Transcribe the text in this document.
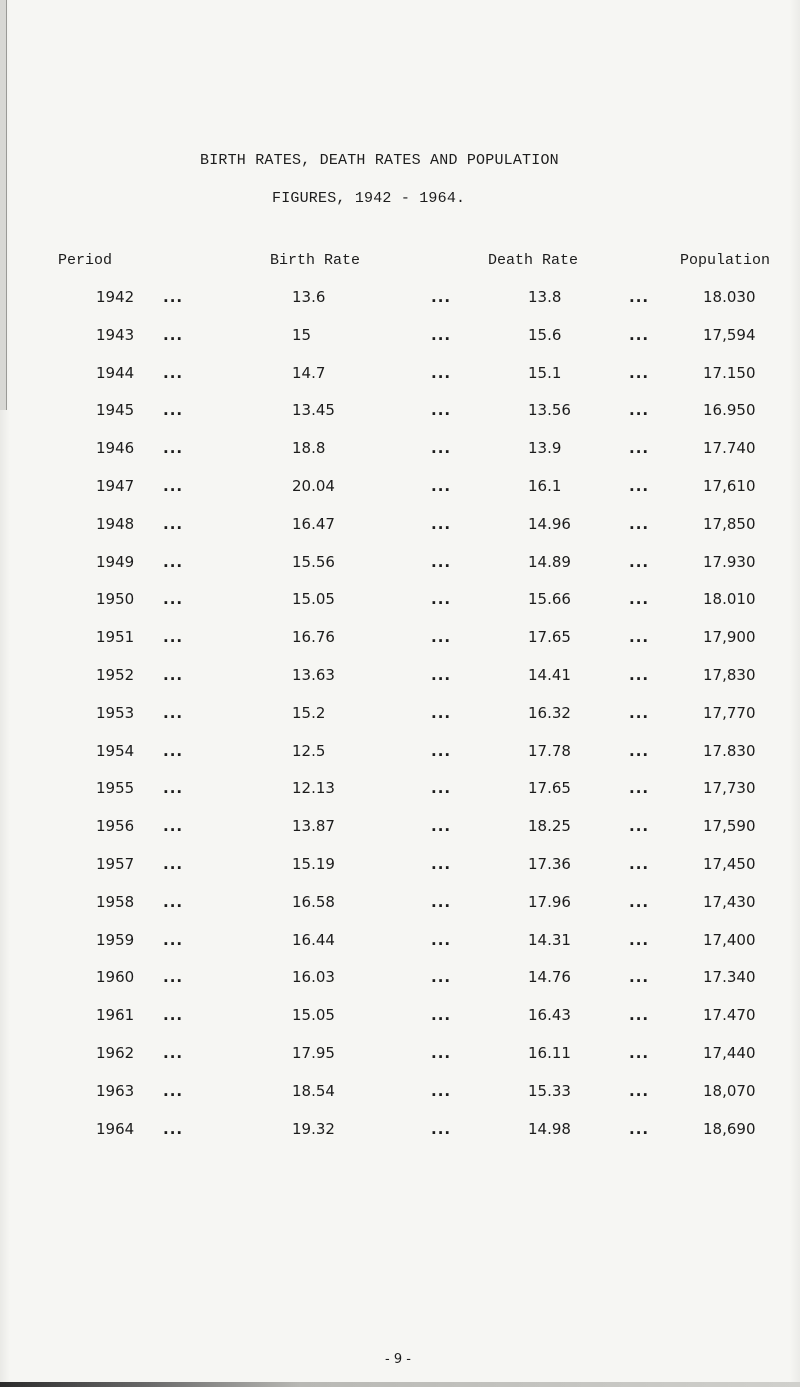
BIRTH RATES, DEATH RATES AND POPULATION
FIGURES, 1942 - 1964.
Period	Birth Rate	Death Rate	Population
1942 ...	13.6	...	13.8	...	18.030
1943 ...	15	...	15.6	...	17,594
1944 ...	14.7	...	15.1	...	17.150
1945 ...	13.45	...	13.56	...	16.950
1946 ...	18.8	...	13.9	...	17.740
1947 ...	20.04	...	16.1	...	17,610
1948 ...	16.47	...	14.96	...	17,850
1949 ...	15.56	...	14.89	...	17.930
1950 ...	15.05	...	15.66	...	18.010
1951 ...	16.76	...	17.65	...	17,900
1952 ...	13.63	...	14.41	...	17,830
1953 ...	15.2	...	16.32	...	17,770
1954 ...	12.5	...	17.78	...	17.830
1955 ...	12.13	...	17.65	...	17,730
1956 ...	13.87	...	18.25	...	17,590
1957 ...	15.19	...	17.36	...	17,450
1958 ...	16.58	...	17.96	...	17,430
1959 ...	16.44	...	14.31	...	17,400
1960 ...	16.03	...	14.76	...	17.340
1961 ...	15.05	...	16.43	...	17.470
1962 ...	17.95	...	16.11	...	17,440
1963 ...	18.54	...	15.33	...	18,070
1964 ...	19.32	...	14.98	...	18,690
- 9 -
